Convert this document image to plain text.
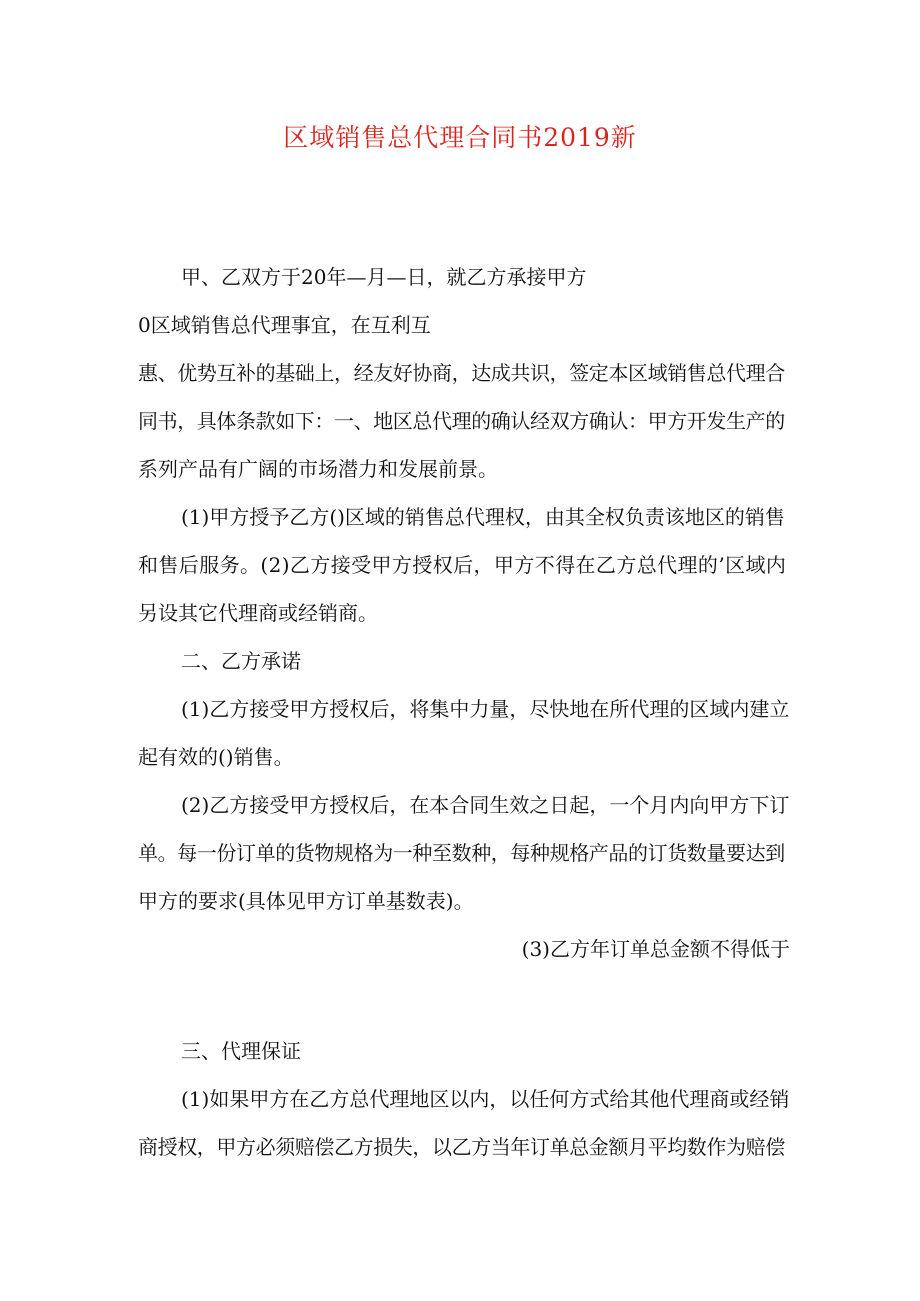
区域销售总代理合同书2019新
甲、乙双方于20年—月—日，就乙方承接甲方
0区域销售总代理事宜，在互利互
惠、优势互补的基础上，经友好协商，达成共识，签定本区域销售总代理合
同书，具体条款如下：一、地区总代理的确认经双方确认：甲方开发生产的
系列产品有广阔的市场潜力和发展前景。
(1)甲方授予乙方()区域的销售总代理权，由其全权负责该地区的销售
和售后服务。(2)乙方接受甲方授权后，甲方不得在乙方总代理的’区域内
另设其它代理商或经销商。
二、乙方承诺
(1)乙方接受甲方授权后，将集中力量，尽快地在所代理的区域内建立
起有效的()销售。
(2)乙方接受甲方授权后，在本合同生效之日起，一个月内向甲方下订
单。每一份订单的货物规格为一种至数种，每种规格产品的订货数量要达到
甲方的要求(具体见甲方订单基数表)。
(3)乙方年订单总金额不得低于
三、代理保证
(1)如果甲方在乙方总代理地区以内，以任何方式给其他代理商或经销
商授权，甲方必须赔偿乙方损失，以乙方当年订单总金额月平均数作为赔偿
